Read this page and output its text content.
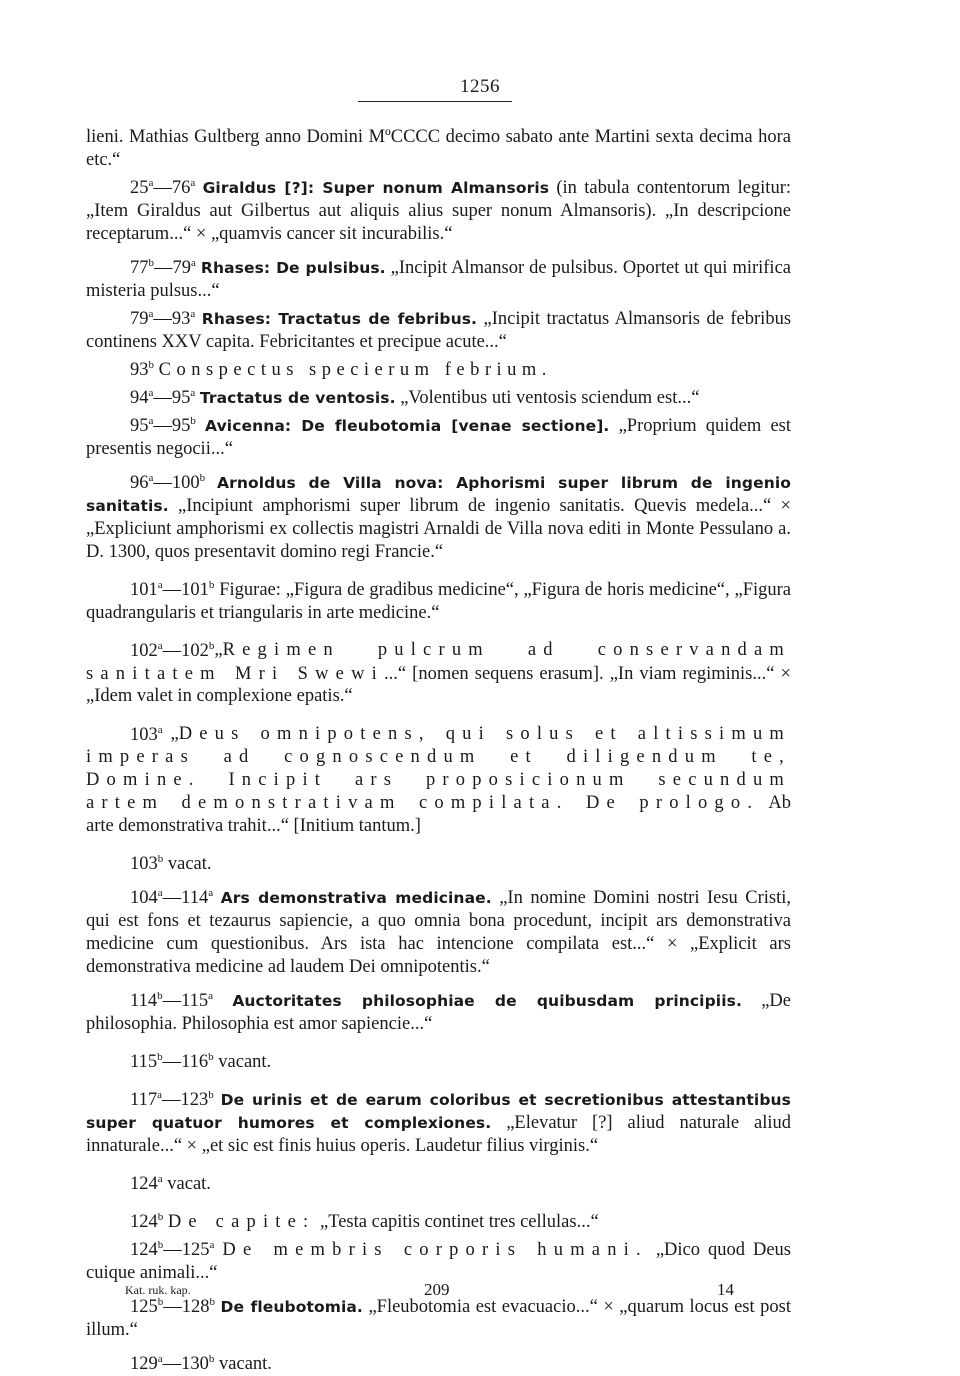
1256

lieni. Mathias Gultberg anno Domini MºCCCC decimo sabato ante Martini sexta decima hora etc.“

25$^a$—76$^a$ Giraldus [?]: Super nonum Almansoris (in tabula contentorum legitur: „Item Giraldus aut Gilbertus aut aliquis alius super nonum Almansoris). „In descripcione receptarum...“ × „quamvis cancer sit incurabilis.“

77$^b$—79$^a$ Rhases: De pulsibus. „Incipit Almansor de pulsibus. Oportet ut qui mirifica misteria pulsus...“

79$^a$—93$^a$ Rhases: Tractatus de febribus. „Incipit tractatus Almansoris de febribus continens XXV capita. Febricitantes et precipue acute...“

93$^b$ Conspectus specierum febrium.

94$^a$—95$^a$ Tractatus de ventosis. „Volentibus uti ventosis sciendum est...“

95$^a$—95$^b$ Avicenna: De fleubotomia [venae sectione]. „Proprium quidem est presentis negocii...“

96$^a$—100$^b$ Arnoldus de Villa nova: Aphorismi super librum de ingenio sanitatis. „Incipiunt amphorismi super librum de ingenio sanitatis. Quevis medela...“ × „Expliciunt amphorismi ex collectis magistri Arnaldi de Villa nova editi in Monte Pessulano a. D. 1300, quos presentavit domino regi Francie.“

101$^a$—101$^b$ Figurae: „Figura de gradibus medicine“, „Figura de horis medicine“, „Figura quadrangularis et triangularis in arte medicine.“

102$^a$—102$^b$„Regimen pulcrum ad conservandam sanitatem Mri Swewi...“ [nomen sequens erasum]. „In viam regiminis...“ × „Idem valet in complexione epatis.“

103$^a$ „Deus omnipotens, qui solus et altissimum imperas ad cognoscendum et diligendum te, Domine. Incipit ars proposicionum secundum artem demonstrativam compilata. De prologo. Ab arte demonstrativa trahit...“ [Initium tantum.]

103$^b$ vacat.

104$^a$—114$^a$ Ars demonstrativa medicinae. „In nomine Domini nostri Iesu Cristi, qui est fons et tezaurus sapiencie, a quo omnia bona procedunt, incipit ars demonstrativa medicine cum questionibus. Ars ista hac intencione compilata est...“ × „Explicit ars demonstrativa medicine ad laudem Dei omnipotentis.“

114$^b$—115$^a$ Auctoritates philosophiae de quibusdam principiis. „De philosophia. Philosophia est amor sapiencie...“

115$^b$—116$^b$ vacant.

117$^a$—123$^b$ De urinis et de earum coloribus et secretionibus attestantibus super quatuor humores et complexiones. „Elevatur [?] aliud naturale aliud innaturale...“ × „et sic est finis huius operis. Laudetur filius virginis.“

124$^a$ vacat.

124$^b$ De capite: „Testa capitis continet tres cellulas...“

124$^b$—125$^a$ De membris corporis humani. „Dico quod Deus cuique animali...“

125$^b$—128$^b$ De fleubotomia. „Fleubotomia est evacuacio...“ × „quarum locus est post illum.“

129$^a$—130$^b$ vacant.

Kat. ruk. kap.	209	14
